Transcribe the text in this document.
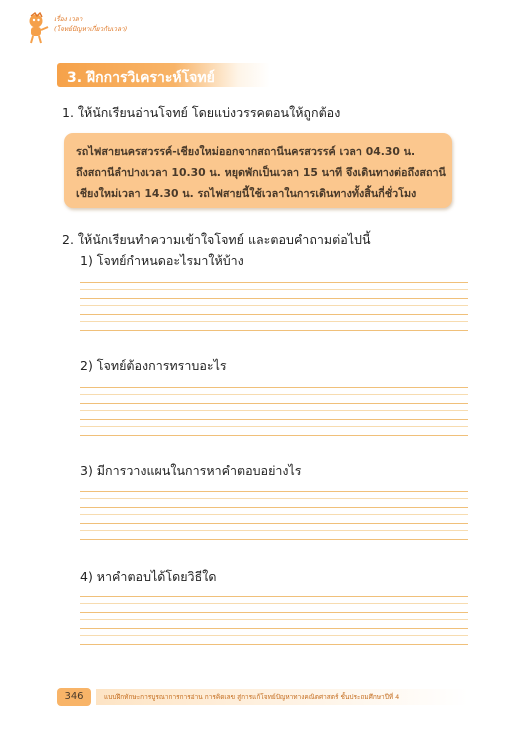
เรื่อง เวลา
(โจทย์ปัญหาเกี่ยวกับเวลา)
3. ฝึกการวิเคราะห์โจทย์
1. ให้นักเรียนอ่านโจทย์ โดยแบ่งวรรคตอนให้ถูกต้อง
รถไฟสายนครสวรรค์-เชียงใหม่ออกจากสถานีนครสวรรค์ เวลา 04.30 น.
ถึงสถานีลำปางเวลา 10.30 น. หยุดพักเป็นเวลา 15 นาที จึงเดินทางต่อถึงสถานี
เชียงใหม่เวลา 14.30 น. รถไฟสายนี้ใช้เวลาในการเดินทางทั้งสิ้นกี่ชั่วโมง
2. ให้นักเรียนทำความเข้าใจโจทย์ และตอบคำถามต่อไปนี้
1) โจทย์กำหนดอะไรมาให้บ้าง
2) โจทย์ต้องการทราบอะไร
3) มีการวางแผนในการหาคำตอบอย่างไร
4) หาคำตอบได้โดยวิธีใด
346	แบบฝึกทักษะการบูรณาการการอ่าน การคิดเลข สู่การแก้โจทย์ปัญหาทางคณิตศาสตร์ ชั้นประถมศึกษาปีที่ 4
